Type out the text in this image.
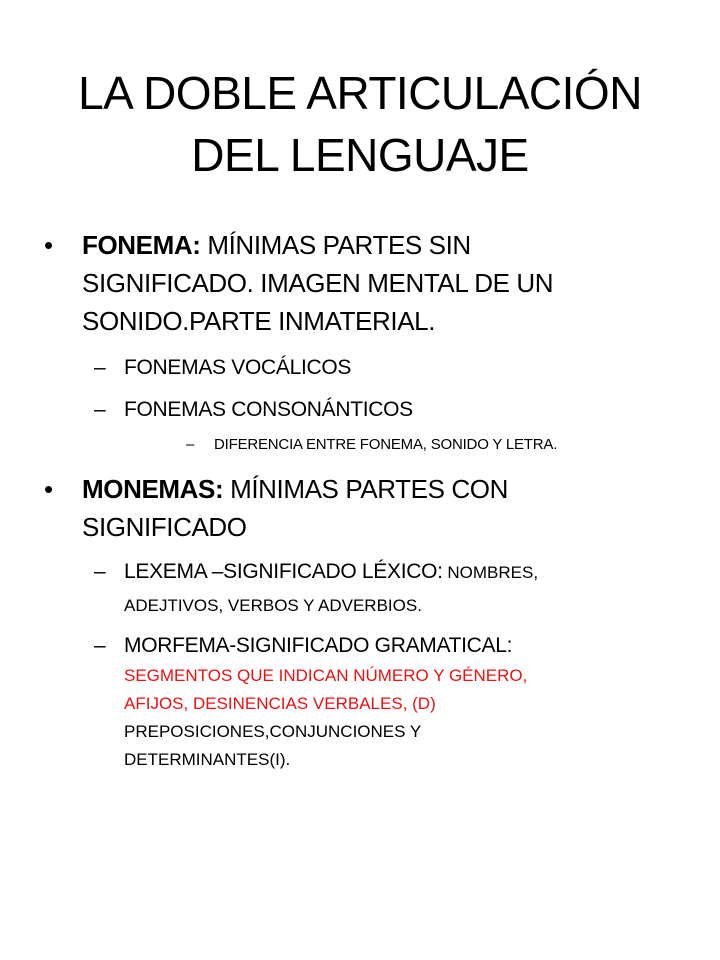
LA DOBLE ARTICULACIÓN
DEL LENGUAJE
• FONEMA: MÍNIMAS PARTES SIN
SIGNIFICADO. IMAGEN MENTAL DE UN
SONIDO.PARTE INMATERIAL.
– FONEMAS VOCÁLICOS
– FONEMAS CONSONÁNTICOS
– DIFERENCIA ENTRE FONEMA, SONIDO Y LETRA.
• MONEMAS: MÍNIMAS PARTES CON
SIGNIFICADO
– LEXEMA –SIGNIFICADO LÉXICO: NOMBRES,
ADEJTIVOS, VERBOS Y ADVERBIOS.
– MORFEMA-SIGNIFICADO GRAMATICAL:
SEGMENTOS QUE INDICAN NÚMERO Y GÉNERO,
AFIJOS, DESINENCIAS VERBALES, (D)
PREPOSICIONES,CONJUNCIONES Y
DETERMINANTES(I).
